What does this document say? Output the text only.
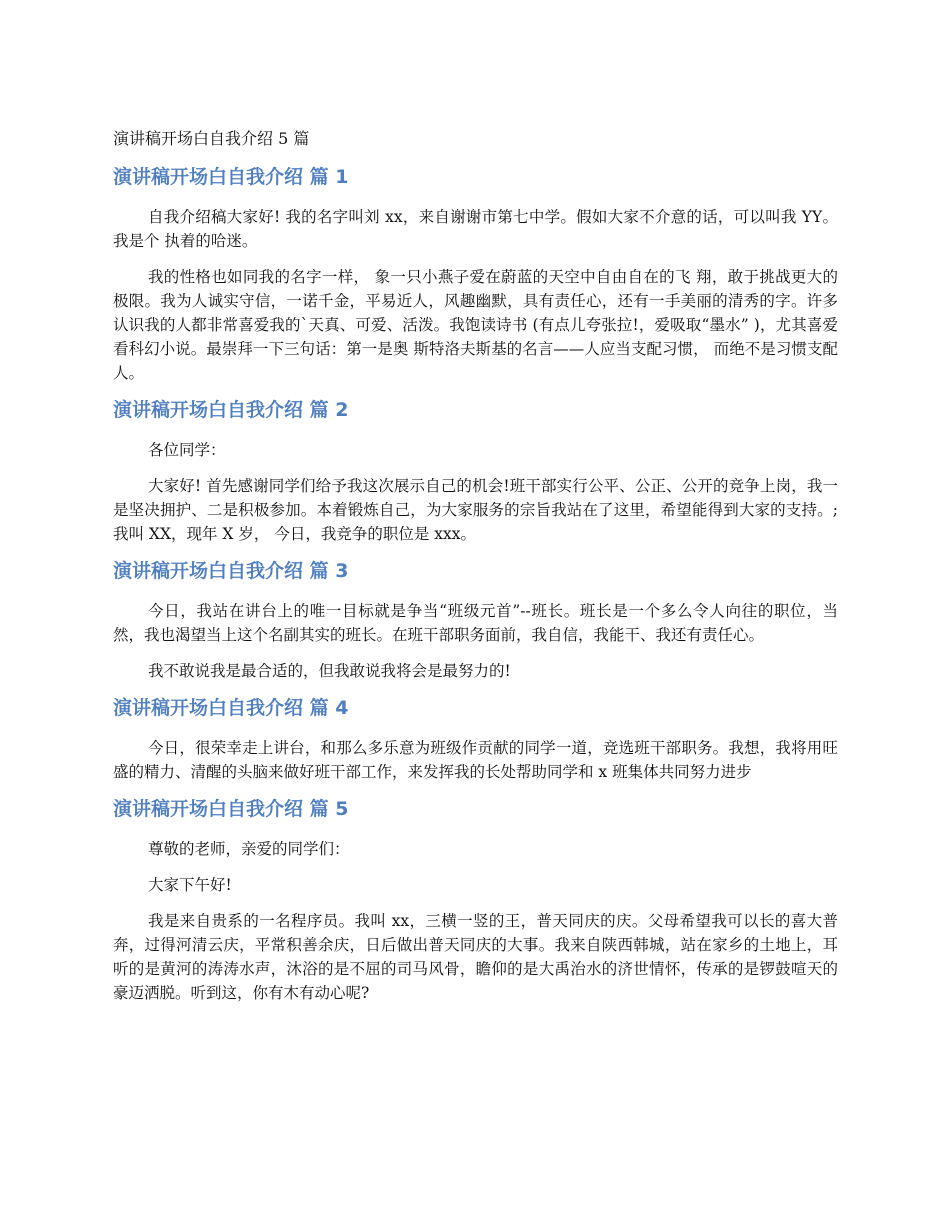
演讲稿开场白自我介绍 5 篇
演讲稿开场白自我介绍 篇 1

自我介绍稿大家好! 我的名字叫刘 xx，来自谢谢市第七中学。假如大家不介意的话，可以叫我 YY。我是个 执着的哈迷。

我的性格也如同我的名字一样， 象一只小燕子爱在蔚蓝的天空中自由自在的飞 翔，敢于挑战更大的极限。我为人诚实守信，一诺千金，平易近人，风趣幽默，具有责任心，还有一手美丽的清秀的字。许多认识我的人都非常喜爱我的`天真、可爱、活泼。我饱读诗书 (有点儿夸张拉!，爱吸取“墨水” )，尤其喜爱看科幻小说。最崇拜一下三句话：第一是奥 斯特洛夫斯基的名言——人应当支配习惯， 而绝不是习惯支配人。

演讲稿开场白自我介绍 篇 2

各位同学：

大家好! 首先感谢同学们给予我这次展示自己的机会!班干部实行公平、公正、公开的竞争上岗，我一是坚决拥护、二是积极参加。本着锻炼自己，为大家服务的宗旨我站在了这里，希望能得到大家的支持。; 我叫 XX，现年 X 岁， 今日，我竞争的职位是 xxx。

演讲稿开场白自我介绍 篇 3

今日，我站在讲台上的唯一目标就是争当“班级元首”--班长。班长是一个多么令人向往的职位，当然，我也渴望当上这个名副其实的班长。在班干部职务面前，我自信，我能干、我还有责任心。

我不敢说我是最合适的，但我敢说我将会是最努力的!

演讲稿开场白自我介绍 篇 4

今日，很荣幸走上讲台，和那么多乐意为班级作贡献的同学一道，竞选班干部职务。我想，我将用旺盛的精力、清醒的头脑来做好班干部工作，来发挥我的长处帮助同学和 x 班集体共同努力进步

演讲稿开场白自我介绍 篇 5

尊敬的老师，亲爱的同学们：

大家下午好!

我是来自贵系的一名程序员。我叫 xx，三横一竖的王，普天同庆的庆。父母希望我可以长的喜大普奔，过得河清云庆，平常积善余庆，日后做出普天同庆的大事。我来自陕西韩城，站在家乡的土地上，耳听的是黄河的涛涛水声，沐浴的是不屈的司马风骨，瞻仰的是大禹治水的济世情怀，传承的是锣鼓喧天的豪迈洒脱。听到这，你有木有动心呢?
